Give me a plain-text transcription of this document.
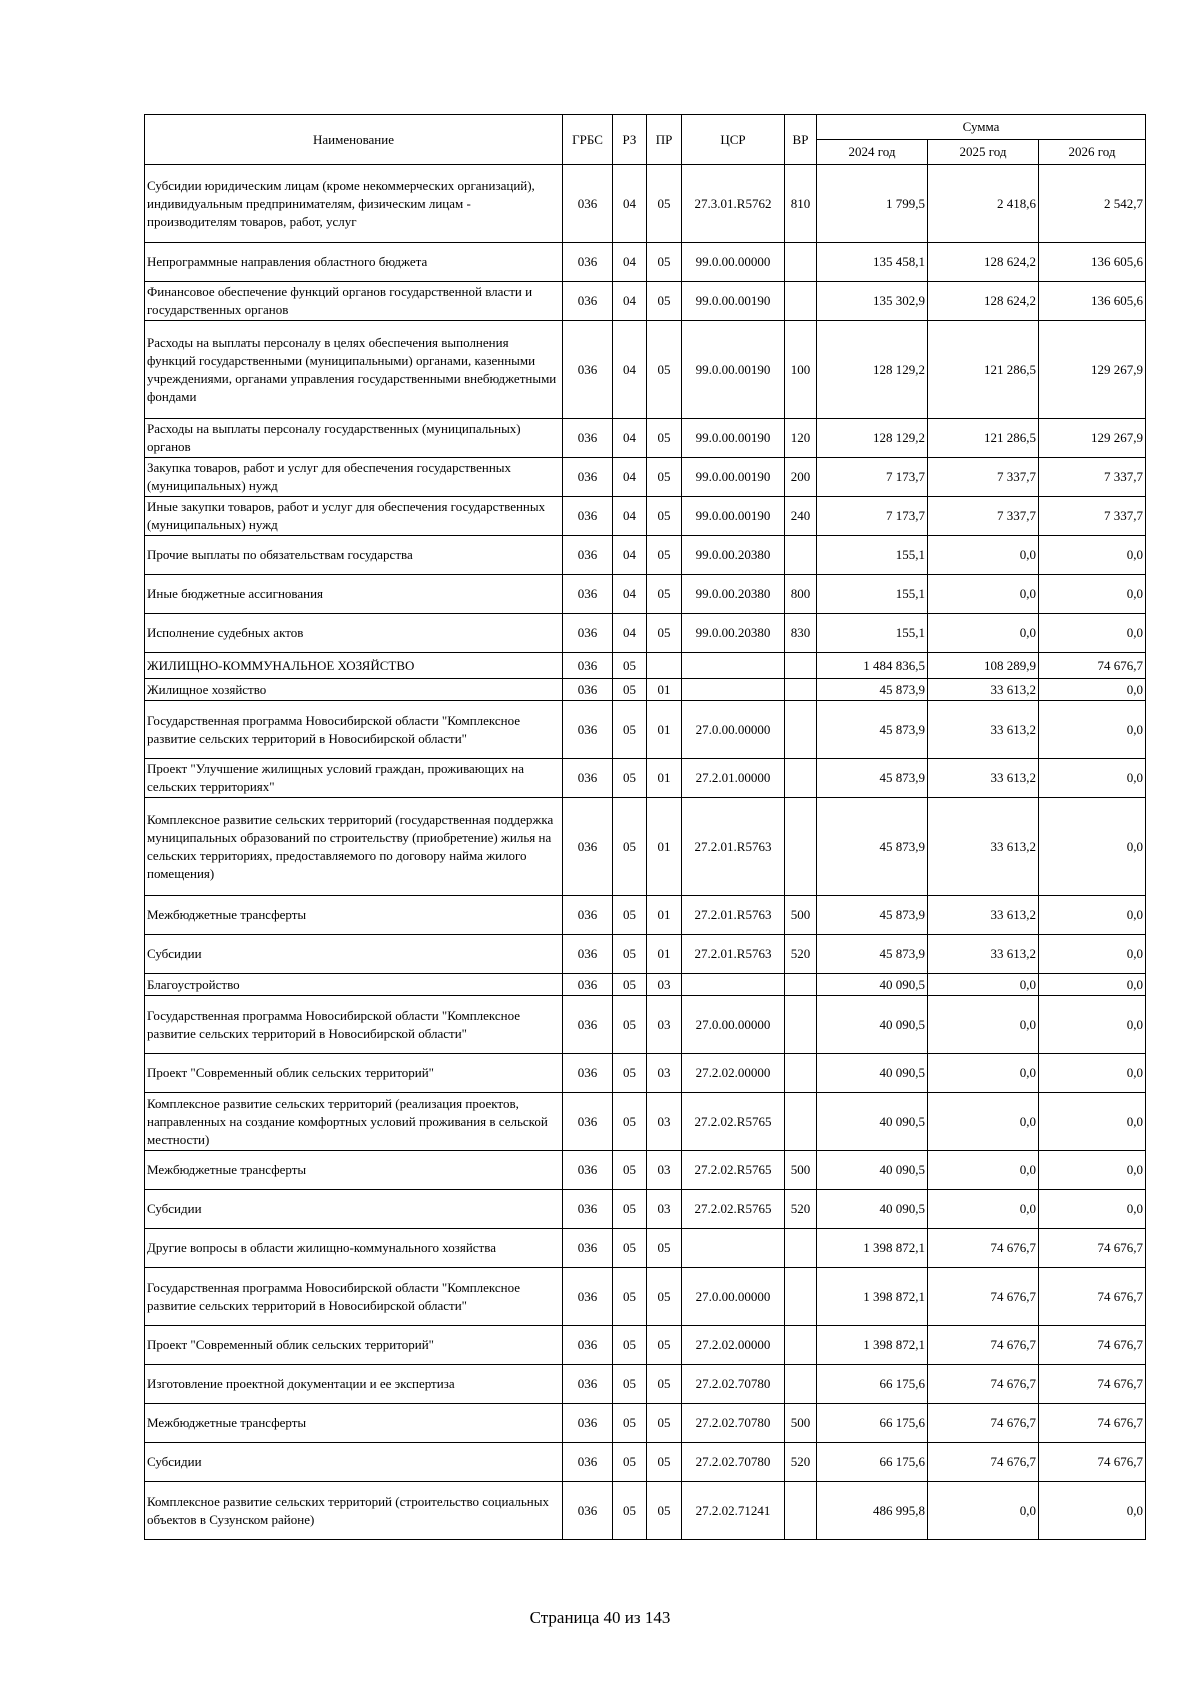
Наименование	ГРБС	РЗ	ПР	ЦСР	ВР	Сумма		
						2024 год	2025 год	2026 год
Субсидии юридическим лицам (кроме некоммерческих организаций), индивидуальным предпринимателям, физическим лицам - производителям товаров, работ, услуг	036	04	05	27.3.01.R5762	810	1 799,5	2 418,6	2 542,7
Непрограммные направления областного бюджета	036	04	05	99.0.00.00000		135 458,1	128 624,2	136 605,6
Финансовое обеспечение функций органов государственной власти и государственных органов	036	04	05	99.0.00.00190		135 302,9	128 624,2	136 605,6
Расходы на выплаты персоналу в целях обеспечения выполнения функций государственными (муниципальными) органами, казенными учреждениями, органами управления государственными внебюджетными фондами	036	04	05	99.0.00.00190	100	128 129,2	121 286,5	129 267,9
Расходы на выплаты персоналу государственных (муниципальных) органов	036	04	05	99.0.00.00190	120	128 129,2	121 286,5	129 267,9
Закупка товаров, работ и услуг для обеспечения государственных (муниципальных) нужд	036	04	05	99.0.00.00190	200	7 173,7	7 337,7	7 337,7
Иные закупки товаров, работ и услуг для обеспечения государственных (муниципальных) нужд	036	04	05	99.0.00.00190	240	7 173,7	7 337,7	7 337,7
Прочие выплаты по обязательствам государства	036	04	05	99.0.00.20380		155,1	0,0	0,0
Иные бюджетные ассигнования	036	04	05	99.0.00.20380	800	155,1	0,0	0,0
Исполнение судебных актов	036	04	05	99.0.00.20380	830	155,1	0,0	0,0
ЖИЛИЩНО-КОММУНАЛЬНОЕ ХОЗЯЙСТВО	036	05				1 484 836,5	108 289,9	74 676,7
Жилищное хозяйство	036	05	01			45 873,9	33 613,2	0,0
Государственная программа Новосибирской области "Комплексное развитие сельских территорий в Новосибирской области"	036	05	01	27.0.00.00000		45 873,9	33 613,2	0,0
Проект "Улучшение жилищных условий граждан, проживающих на сельских территориях"	036	05	01	27.2.01.00000		45 873,9	33 613,2	0,0
Комплексное развитие сельских территорий (государственная поддержка муниципальных образований по строительству (приобретение) жилья на сельских территориях, предоставляемого по договору найма жилого помещения)	036	05	01	27.2.01.R5763		45 873,9	33 613,2	0,0
Межбюджетные трансферты	036	05	01	27.2.01.R5763	500	45 873,9	33 613,2	0,0
Субсидии	036	05	01	27.2.01.R5763	520	45 873,9	33 613,2	0,0
Благоустройство	036	05	03			40 090,5	0,0	0,0
Государственная программа Новосибирской области "Комплексное развитие сельских территорий в Новосибирской области"	036	05	03	27.0.00.00000		40 090,5	0,0	0,0
Проект "Современный облик сельских территорий"	036	05	03	27.2.02.00000		40 090,5	0,0	0,0
Комплексное развитие сельских территорий (реализация проектов, направленных на создание комфортных условий проживания в сельской местности)	036	05	03	27.2.02.R5765		40 090,5	0,0	0,0
Межбюджетные трансферты	036	05	03	27.2.02.R5765	500	40 090,5	0,0	0,0
Субсидии	036	05	03	27.2.02.R5765	520	40 090,5	0,0	0,0
Другие вопросы в области жилищно-коммунального хозяйства	036	05	05			1 398 872,1	74 676,7	74 676,7
Государственная программа Новосибирской области "Комплексное развитие сельских территорий в Новосибирской области"	036	05	05	27.0.00.00000		1 398 872,1	74 676,7	74 676,7
Проект "Современный облик сельских территорий"	036	05	05	27.2.02.00000		1 398 872,1	74 676,7	74 676,7
Изготовление проектной документации и ее экспертиза	036	05	05	27.2.02.70780		66 175,6	74 676,7	74 676,7
Межбюджетные трансферты	036	05	05	27.2.02.70780	500	66 175,6	74 676,7	74 676,7
Субсидии	036	05	05	27.2.02.70780	520	66 175,6	74 676,7	74 676,7
Комплексное развитие сельских территорий (строительство социальных объектов в Сузунском районе)	036	05	05	27.2.02.71241		486 995,8	0,0	0,0
Страница 40 из 143
